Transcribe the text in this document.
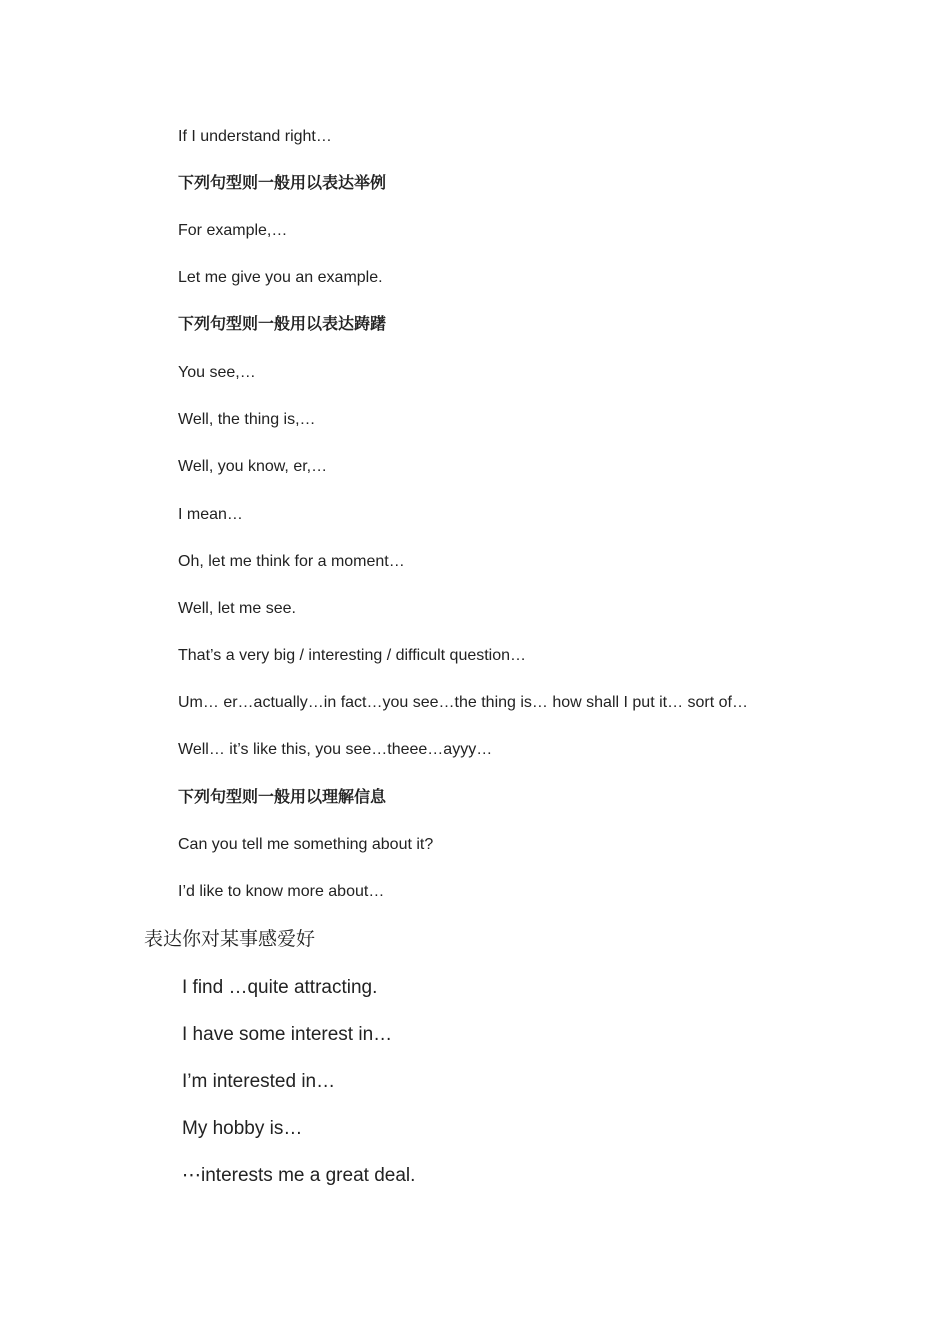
If I understand right…
下列句型则一般用以表达举例
For example,…
Let me give you an example.
下列句型则一般用以表达踌躇
You see,…
Well, the thing is,…
Well, you know, er,…
I mean…
Oh, let me think for a moment…
Well, let me see.
That’s a very big / interesting / difficult question…
Um… er…actually…in fact…you see…the thing is… how shall I put it… sort of…
Well… it’s like this, you see…theee…ayyy…
下列句型则一般用以理解信息
Can you tell me something about it?
I’d like to know more about…
表达你对某事感爱好
I find …quite attracting.
I have some interest in…
I’m interested in…
My hobby is…
⋯interests me a great deal.
